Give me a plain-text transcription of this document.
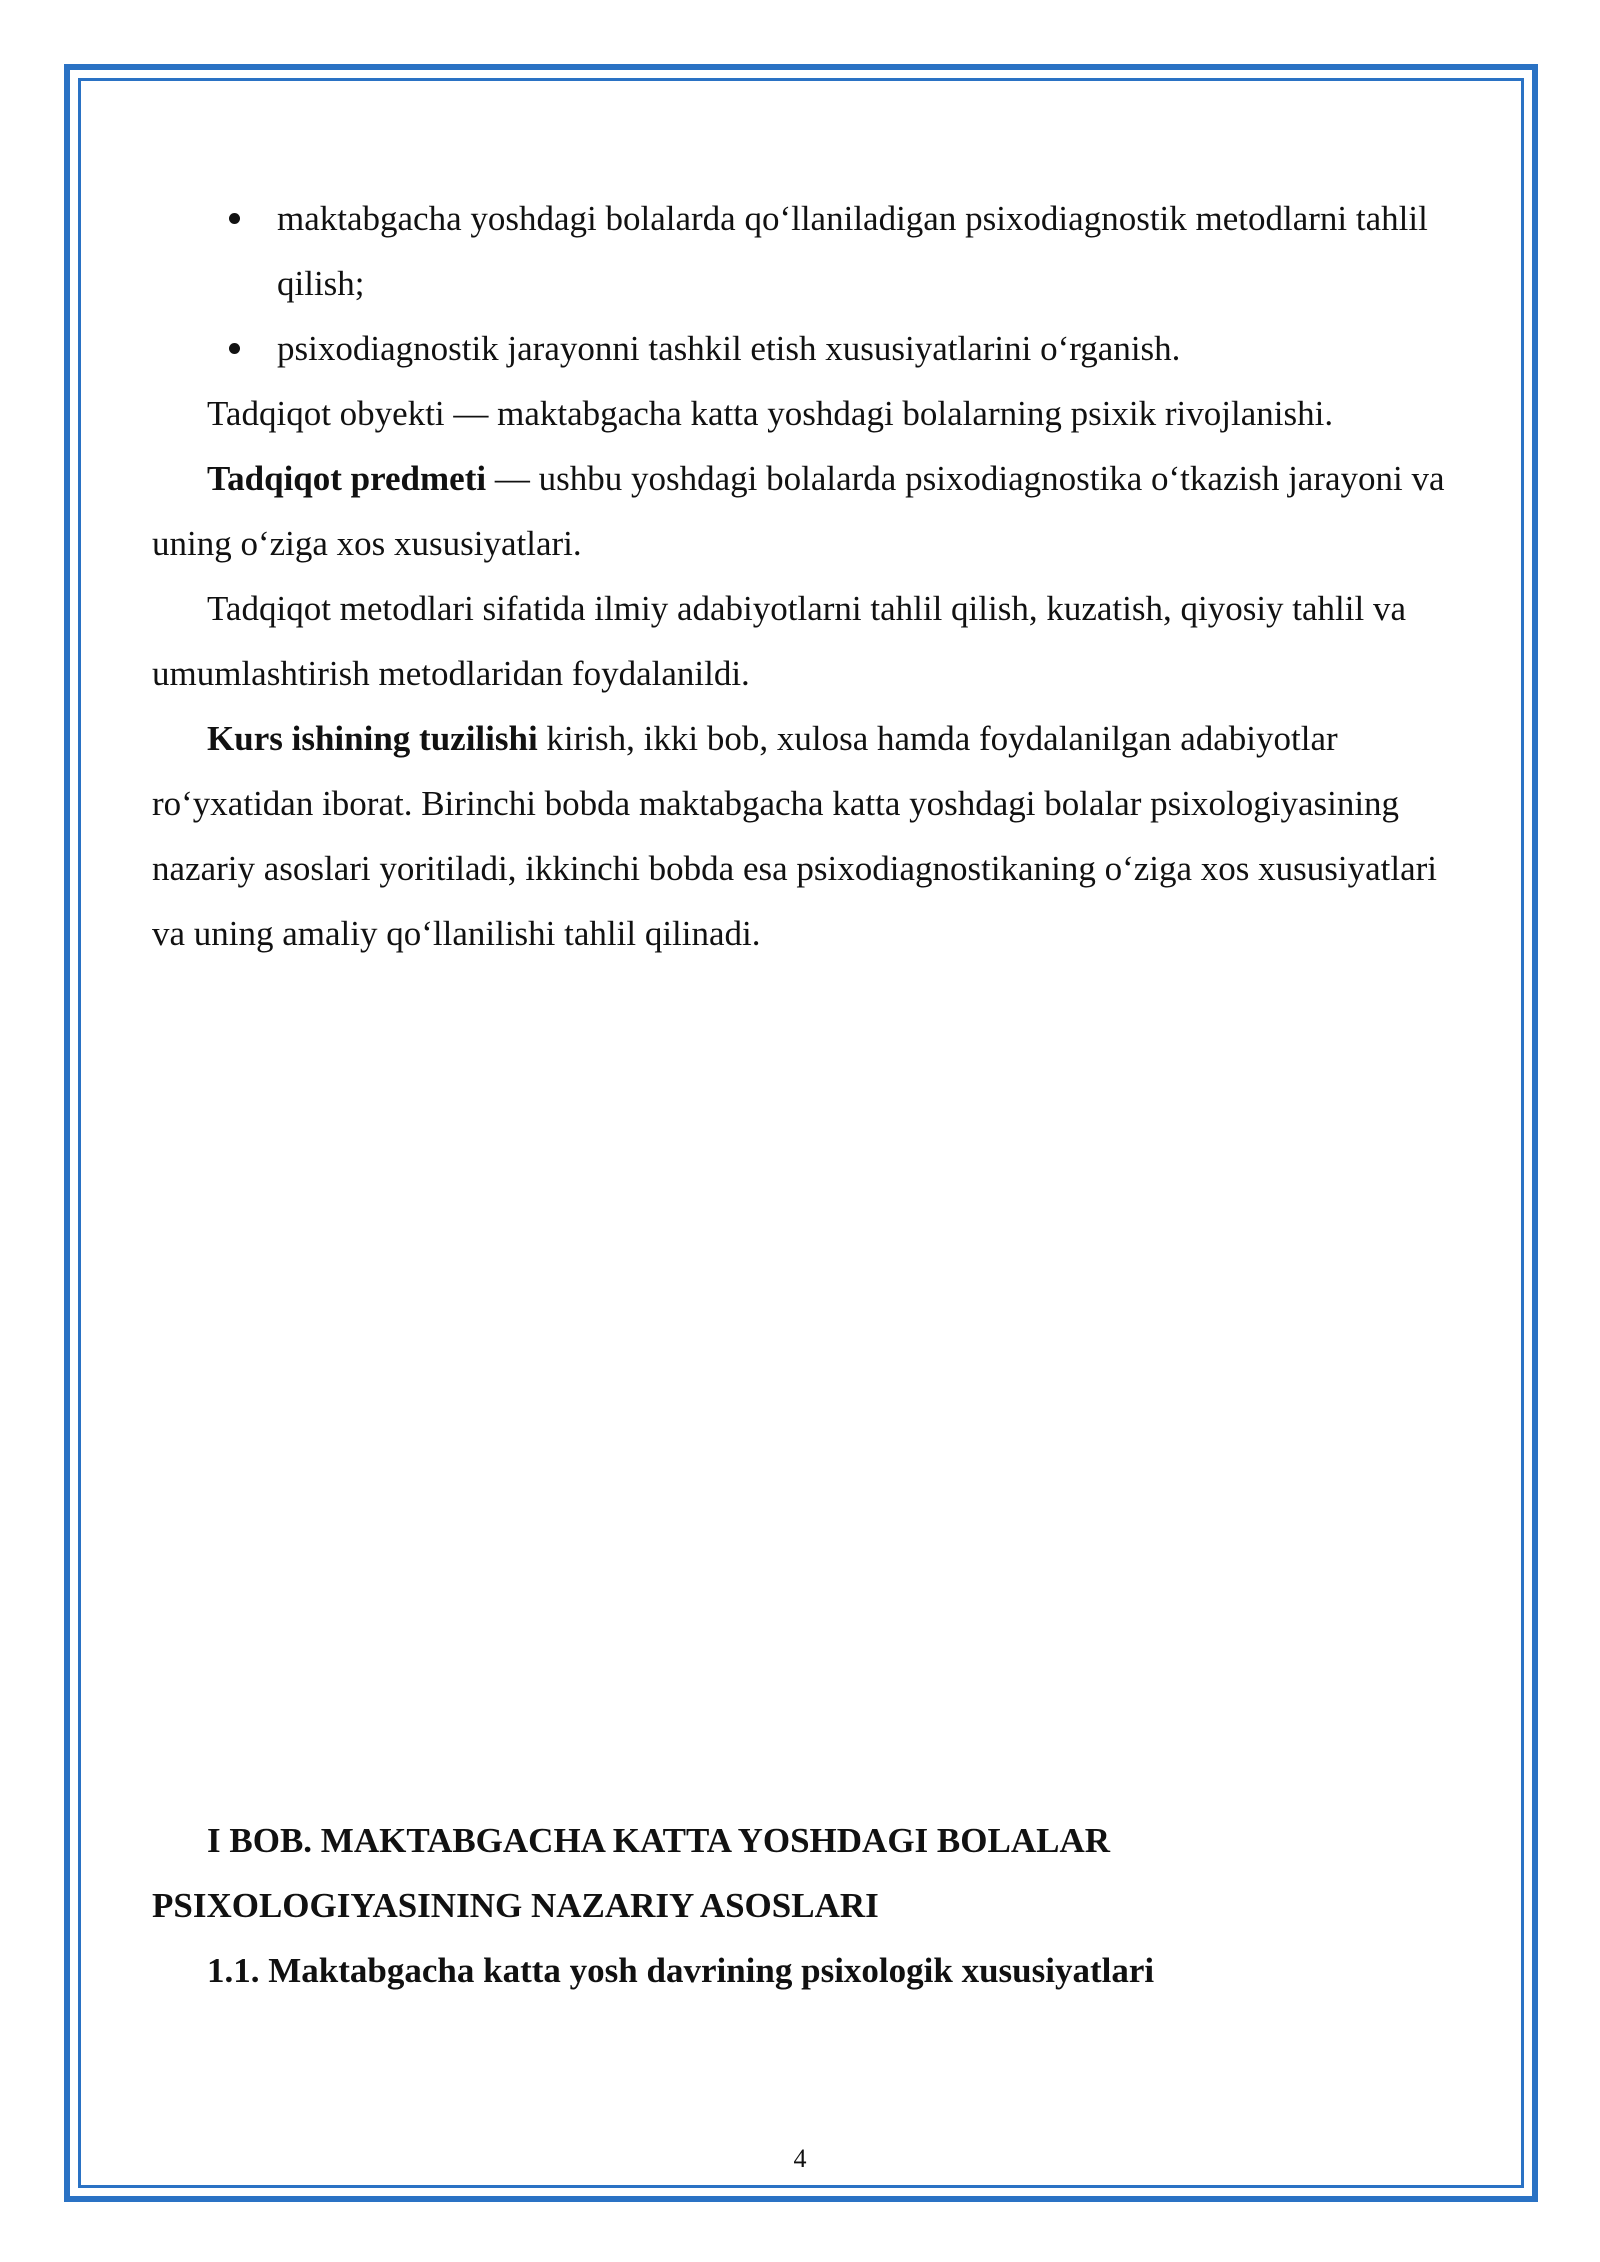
maktabgacha yoshdagi bolalarda qo‘llaniladigan psixodiagnostik metodlarni tahlil qilish;
psixodiagnostik jarayonni tashkil etish xususiyatlarini o‘rganish.

Tadqiqot obyekti — maktabgacha katta yoshdagi bolalarning psixik rivojlanishi.

Tadqiqot predmeti — ushbu yoshdagi bolalarda psixodiagnostika o‘tkazish jarayoni va uning o‘ziga xos xususiyatlari.

Tadqiqot metodlari sifatida ilmiy adabiyotlarni tahlil qilish, kuzatish, qiyosiy tahlil va umumlashtirish metodlaridan foydalanildi.

Kurs ishining tuzilishi kirish, ikki bob, xulosa hamda foydalanilgan adabiyotlar ro‘yxatidan iborat. Birinchi bobda maktabgacha katta yoshdagi bolalar psixologiyasining nazariy asoslari yoritiladi, ikkinchi bobda esa psixodiagnostikaning o‘ziga xos xususiyatlari va uning amaliy qo‘llanilishi tahlil qilinadi.

I BOB. MAKTABGACHA KATTA YOSHDAGI BOLALAR PSIXOLOGIYASINING NAZARIY ASOSLARI

1.1. Maktabgacha katta yosh davrining psixologik xususiyatlari

4
